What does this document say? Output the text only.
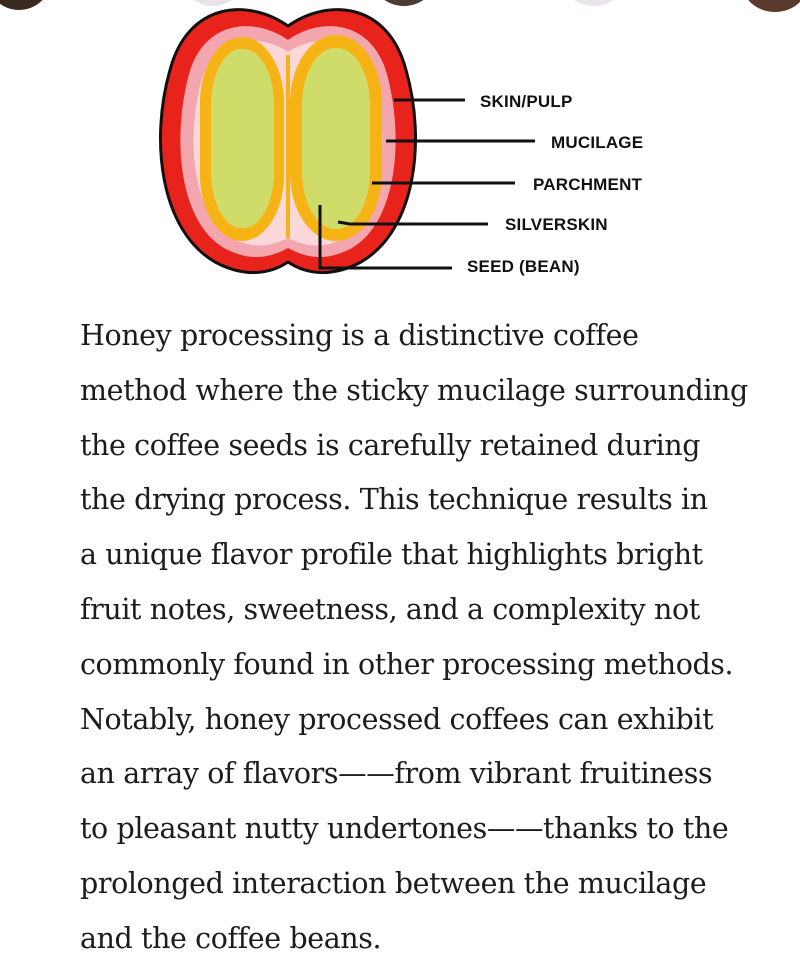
SKIN/PULP
MUCILAGE
PARCHMENT
SILVERSKIN
SEED (BEAN)
Honey processing is a distinctive coffee
method where the sticky mucilage surrounding
the coffee seeds is carefully retained during
the drying process. This technique results in
a unique flavor profile that highlights bright
fruit notes, sweetness, and a complexity not
commonly found in other processing methods.
Notably, honey processed coffees can exhibit
an array of flavors——from vibrant fruitiness
to pleasant nutty undertones——thanks to the
prolonged interaction between the mucilage
and the coffee beans.
